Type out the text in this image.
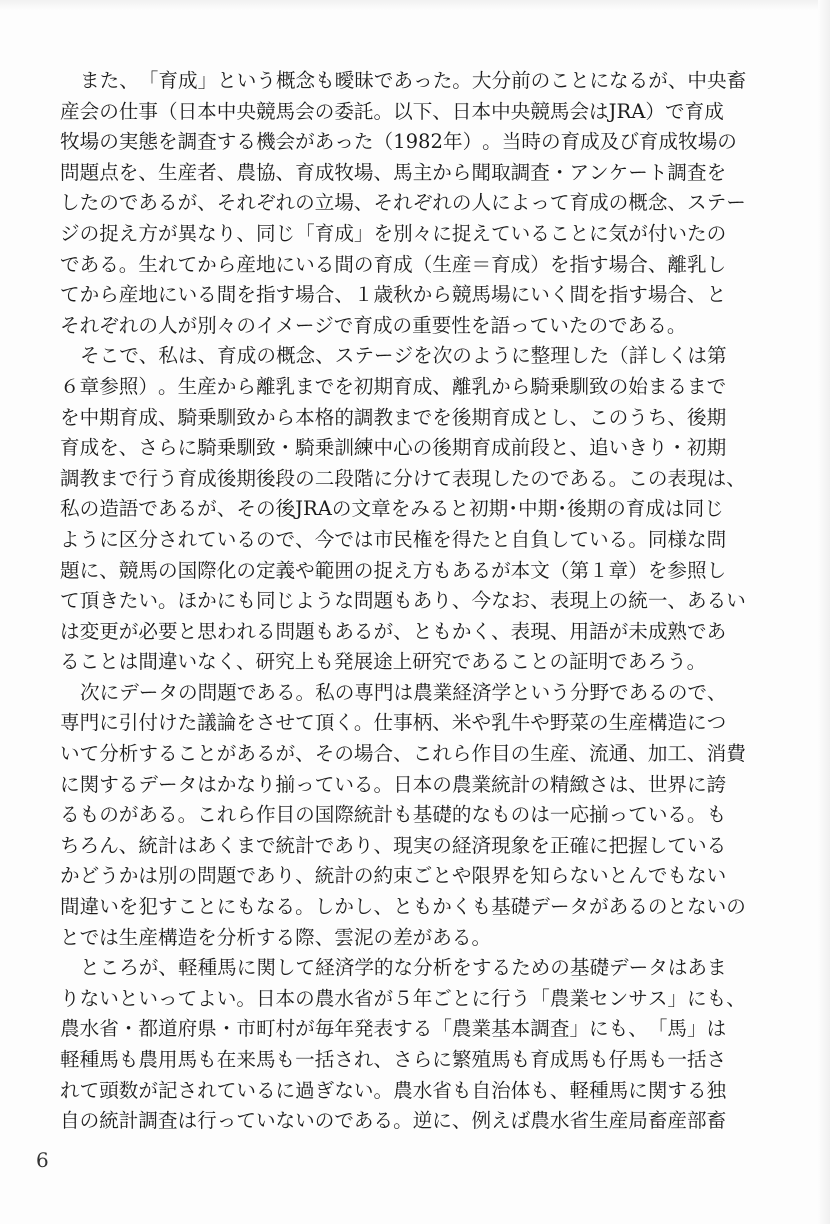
ま た 、 「 育 成 」 と い う 概 念 も 曖 昧 で あ っ た 。 大 分 前 の こ と に な る が 、 中 央 畜
産 会 の 仕 事 （ 日 本 中 央 競 馬 会 の 委 託 。 以 下 、 日 本 中 央 競 馬 会 は J R A ） で 育 成
牧 場 の 実 態 を 調 査 す る 機 会 が あ っ た （ 1 9 8 2 年 ） 。 当 時 の 育 成 及 び 育 成 牧 場 の
問 題 点 を 、 生 産 者 、 農 協 、 育 成 牧 場 、 馬 主 か ら 聞 取 調 査 ・ ア ン ケ ー ト 調 査 を
し た の で あ る が 、 そ れ ぞ れ の 立 場 、 そ れ ぞ れ の 人 に よ っ て 育 成 の 概 念 、 ス テ ー
ジ の 捉 え 方 が 異 な り 、 同 じ 「 育 成 」 を 別 々 に 捉 え て い る こ と に 気 が 付 い た の
で あ る 。 生 れ て か ら 産 地 に い る 間 の 育 成 （ 生 産 ＝ 育 成 ） を 指 す 場 合 、 離 乳 し
て か ら 産 地 に い る 間 を 指 す 場 合 、 １ 歳 秋 か ら 競 馬 場 に い く 間 を 指 す 場 合 、 と
それぞれの人が別々のイメージで育成の重要性を語っていたのである。
そ こ で 、 私 は 、 育 成 の 概 念 、 ス テ ー ジ を 次 の よ う に 整 理 し た （ 詳 し く は 第
６ 章 参 照 ） 。 生 産 か ら 離 乳 ま で を 初 期 育 成 、 離 乳 か ら 騎 乗 馴 致 の 始 ま る ま で
を 中 期 育 成 、 騎 乗 馴 致 か ら 本 格 的 調 教 ま で を 後 期 育 成 と し 、 こ の う ち 、 後 期
育 成 を 、 さ ら に 騎 乗 馴 致 ・ 騎 乗 訓 練 中 心 の 後 期 育 成 前 段 と 、 追 い き り ・ 初 期
調 教 ま で 行 う 育 成 後 期 後 段 の 二 段 階 に 分 け て 表 現 し た の で あ る 。 こ の 表 現 は 、
私 の 造 語 で あ る が 、 そ の 後 J R A の 文 章 を み る と 初 期 ･ 中 期 ･ 後 期 の 育 成 は 同 じ
よ う に 区 分 さ れ て い る の で 、 今 で は 市 民 権 を 得 た と 自 負 し て い る 。 同 様 な 問
題 に 、 競 馬 の 国 際 化 の 定 義 や 範 囲 の 捉 え 方 も あ る が 本 文 （ 第 １ 章 ） を 参 照 し
て 頂 き た い 。 ほ か に も 同 じ よ う な 問 題 も あ り 、 今 な お 、 表 現 上 の 統 一 、 あ る い
は 変 更 が 必 要 と 思 わ れ る 問 題 も あ る が 、 と も か く 、 表 現 、 用 語 が 未 成 熟 で あ
ることは間違いなく、研究上も発展途上研究であることの証明であろう。
次 に デ ー タ の 問 題 で あ る 。 私 の 専 門 は 農 業 経 済 学 と い う 分 野 で あ る の で 、
専 門 に 引 付 け た 議 論 を さ せ て 頂 く 。 仕 事 柄 、 米 や 乳 牛 や 野 菜 の 生 産 構 造 に つ
い て 分 析 す る こ と が あ る が 、 そ の 場 合 、 こ れ ら 作 目 の 生 産 、 流 通 、 加 工 、 消 費
に 関 す る デ ー タ は か な り 揃 っ て い る 。 日 本 の 農 業 統 計 の 精 緻 さ は 、 世 界 に 誇
る も の が あ る 。 こ れ ら 作 目 の 国 際 統 計 も 基 礎 的 な も の は 一 応 揃 っ て い る 。 も
ち ろ ん 、 統 計 は あ く ま で 統 計 で あ り 、 現 実 の 経 済 現 象 を 正 確 に 把 握 し て い る
か ど う か は 別 の 問 題 で あ り 、 統 計 の 約 束 ご と や 限 界 を 知 ら な い と ん で も な い
間 違 い を 犯 す こ と に も な る 。 し か し 、 と も か く も 基 礎 デ ー タ が あ る の と な い の
とでは生産構造を分析する際、雲泥の差がある。
と こ ろ が 、 軽 種 馬 に 関 し て 経 済 学 的 な 分 析 を す る た め の 基 礎 デ ー タ は あ ま
り な い と い っ て よ い 。 日 本 の 農 水 省 が ５ 年 ご と に 行 う 「 農 業 セ ン サ ス 」 に も 、
農 水 省 ・ 都 道 府 県 ・ 市 町 村 が 毎 年 発 表 す る 「 農 業 基 本 調 査 」 に も 、 「 馬 」 は
軽 種 馬 も 農 用 馬 も 在 来 馬 も 一 括 さ れ 、 さ ら に 繁 殖 馬 も 育 成 馬 も 仔 馬 も 一 括 さ
れ て 頭 数 が 記 さ れ て い る に 過 ぎ な い 。 農 水 省 も 自 治 体 も 、 軽 種 馬 に 関 す る 独
自 の 統 計 調 査 は 行 っ て い な い の で あ る 。 逆 に 、 例 え ば 農 水 省 生 産 局 畜 産 部 畜
6
